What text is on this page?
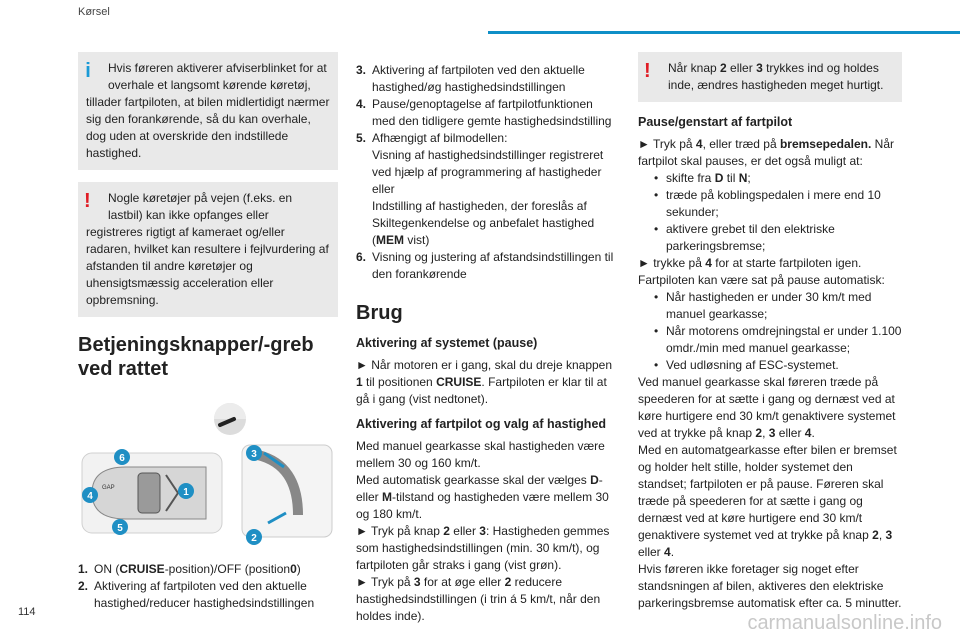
Kørsel
i	Hvis føreren aktiverer afviserblinket for at overhale et langsomt kørende køretøj,

tillader fartpiloten, at bilen midlertidigt nærmer sig den forankørende, så du kan overhale, dog uden at overskride den indstillede hastighed.

!	Nogle køretøjer på vejen (f.eks. en lastbil) kan ikke opfanges eller

registreres rigtigt af kameraet og/eller radaren, hvilket kan resultere i fejlvurdering af afstanden til andre køretøjer og uhensigtsmæssig acceleration eller opbremsning.

Betjeningsknapper/-greb ved rattet
GAP
6
4	1
5
3
2
1. ON (CRUISE-position)/OFF (position0)
2. Aktivering af fartpiloten ved den aktuelle hastighed/reducer hastighedsindstillingen
3. Aktivering af fartpiloten ved den aktuelle hastighed/øg hastighedsindstillingen
4. Pause/genoptagelse af fartpilotfunktionen med den tidligere gemte hastighedsindstilling
5. Afhængigt af bilmodellen:
Visning af hastighedsindstillinger registreret ved hjælp af programmering af hastigheder
eller
Indstilling af hastigheden, der foreslås af Skiltegenkendelse og anbefalet hastighed
(MEM vist)
6. Visning og justering af afstandsindstillingen til den forankørende
Brug
Aktivering af systemet (pause)

► Når motoren er i gang, skal du dreje knappen 1 til positionen CRUISE. Fartpiloten er klar til at gå i gang (vist nedtonet).

Aktivering af fartpilot og valg af hastighed

Med manuel gearkasse skal hastigheden være mellem 30 og 160 km/t.

Med automatisk gearkasse skal der vælges D- eller M-tilstand og hastigheden være mellem 30 og 180 km/t.

► Tryk på knap 2 eller 3: Hastigheden gemmes som hastighedsindstillingen (min. 30 km/t), og fartpiloten går straks i gang (vist grøn).

► Tryk på 3 for at øge eller 2 reducere hastighedsindstillingen (i trin á 5 km/t, når den holdes inde).

! Når knap 2 eller 3 trykkes ind og holdes inde, ændres hastigheden meget hurtigt.

Pause/genstart af fartpilot

► Tryk på 4, eller træd på bremsepedalen. Når fartpilot skal pauses, er det også muligt at:

• skifte fra D til N;
• træde på koblingspedalen i mere end 10 sekunder;
• aktivere grebet til den elektriske parkeringsbremse;

► trykke på 4 for at starte fartpiloten igen.

Fartpiloten kan være sat på pause automatisk:

• Når hastigheden er under 30 km/t med manuel gearkasse;
• Når motorens omdrejningstal er under 1.100 omdr./min med manuel gearkasse;
• Ved udløsning af ESC-systemet.

Ved manuel gearkasse skal føreren træde på speederen for at sætte i gang og dernæst ved at køre hurtigere end 30 km/t genaktivere systemet ved at trykke på knap 2, 3 eller 4.

Med en automatgearkasse efter bilen er bremset og holder helt stille, holder systemet den standset; fartpiloten er på pause. Føreren skal træde på speederen for at sætte i gang og dernæst ved at køre hurtigere end 30 km/t genaktivere systemet ved at trykke på knap 2, 3 eller 4.

Hvis føreren ikke foretager sig noget efter standsningen af bilen, aktiveres den elektriske parkeringsbremse automatisk efter ca. 5 minutter.

114	carmanualsonline.info
